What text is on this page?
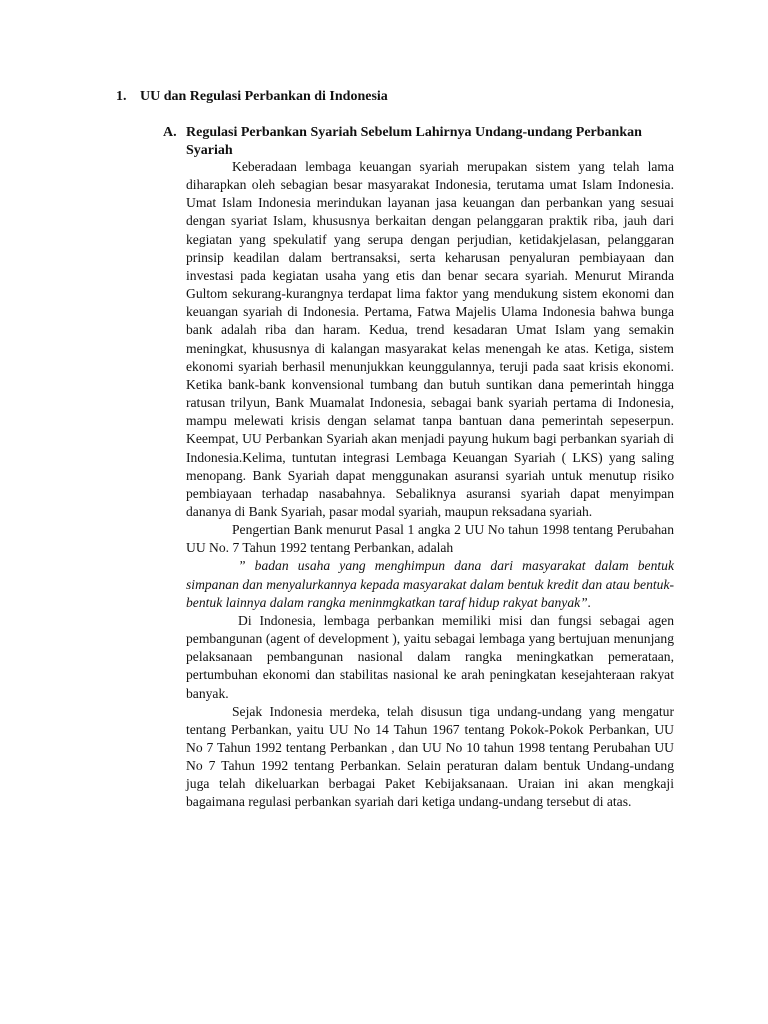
1. UU dan Regulasi Perbankan di Indonesia
A. Regulasi Perbankan Syariah Sebelum Lahirnya Undang-undang Perbankan Syariah

Keberadaan lembaga keuangan syariah merupakan sistem yang telah lama diharapkan oleh sebagian besar masyarakat Indonesia, terutama umat Islam Indonesia. Umat Islam Indonesia merindukan layanan jasa keuangan dan perbankan yang sesuai dengan syariat Islam, khususnya berkaitan dengan pelanggaran praktik riba, jauh dari kegiatan yang spekulatif yang serupa dengan perjudian, ketidakjelasan, pelanggaran prinsip keadilan dalam bertransaksi, serta keharusan penyaluran pembiayaan dan investasi pada kegiatan usaha yang etis dan benar secara syariah. Menurut Miranda Gultom sekurang-kurangnya terdapat lima faktor yang mendukung sistem ekonomi dan keuangan syariah di Indonesia. Pertama, Fatwa Majelis Ulama Indonesia bahwa bunga bank adalah riba dan haram. Kedua, trend kesadaran Umat Islam yang semakin meningkat, khususnya di kalangan masyarakat kelas menengah ke atas. Ketiga, sistem ekonomi syariah berhasil menunjukkan keunggulannya, teruji pada saat krisis ekonomi. Ketika bank-bank konvensional tumbang dan butuh suntikan dana pemerintah hingga ratusan trilyun, Bank Muamalat Indonesia, sebagai bank syariah pertama di Indonesia, mampu melewati krisis dengan selamat tanpa bantuan dana pemerintah sepeserpun. Keempat, UU Perbankan Syariah akan menjadi payung hukum bagi perbankan syariah di Indonesia.Kelima, tuntutan integrasi Lembaga Keuangan Syariah ( LKS) yang saling menopang. Bank Syariah dapat menggunakan asuransi syariah untuk menutup risiko pembiayaan terhadap nasabahnya. Sebaliknya asuransi syariah dapat menyimpan dananya di Bank Syariah, pasar modal syariah, maupun reksadana syariah.

Pengertian Bank menurut Pasal 1 angka 2 UU No tahun 1998 tentang Perubahan UU No. 7 Tahun 1992 tentang Perbankan, adalah

” badan usaha yang menghimpun dana dari masyarakat dalam bentuk simpanan dan menyalurkannya kepada masyarakat dalam bentuk kredit dan atau bentuk-bentuk lainnya dalam rangka meninmgkatkan taraf hidup rakyat banyak”.

Di Indonesia, lembaga perbankan memiliki misi dan fungsi sebagai agen pembangunan (agent of development ), yaitu sebagai lembaga yang bertujuan menunjang pelaksanaan pembangunan nasional dalam rangka meningkatkan pemerataan, pertumbuhan ekonomi dan stabilitas nasional ke arah peningkatan kesejahteraan rakyat banyak.

Sejak Indonesia merdeka, telah disusun tiga undang-undang yang mengatur tentang Perbankan, yaitu UU No 14 Tahun 1967 tentang Pokok-Pokok Perbankan, UU No 7 Tahun 1992 tentang Perbankan , dan UU No 10 tahun 1998 tentang Perubahan UU No 7 Tahun 1992 tentang Perbankan. Selain peraturan dalam bentuk Undang-undang juga telah dikeluarkan berbagai Paket Kebijaksanaan. Uraian ini akan mengkaji bagaimana regulasi perbankan syariah dari ketiga undang-undang tersebut di atas.
